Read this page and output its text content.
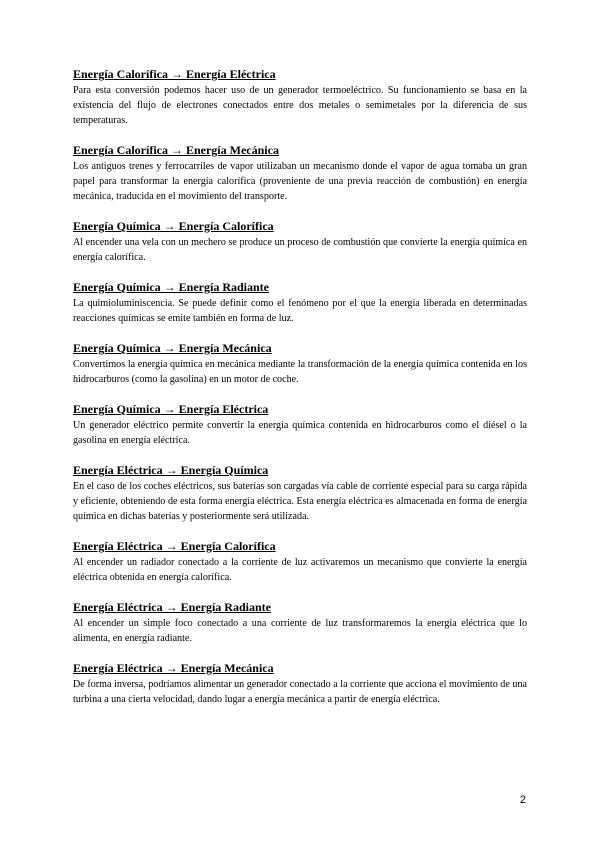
Energía Calorífica → Energía Eléctrica

Para esta conversión podemos hacer uso de un generador termoeléctrico. Su funcionamiento se basa en la existencia del flujo de electrones conectados entre dos metales o semimetales por la diferencia de sus temperaturas.

Energía Calorífica → Energía Mecánica

Los antiguos trenes y ferrocarriles de vapor utilizaban un mecanismo donde el vapor de agua tomaba un gran papel para transformar la energía calorífica (proveniente de una previa reacción de combustión) en energía mecánica, traducida en el movimiento del transporte.

Energía Química → Energía Calorífica

Al encender una vela con un mechero se produce un proceso de combustión que convierte la energía química en energía calorífica.

Energía Química → Energía Radiante

La quimioluminiscencia. Se puede definir como el fenómeno por el que la energía liberada en determinadas reacciones químicas se emite también en forma de luz.

Energía Química → Energía Mecánica

Convertimos la energía química en mecánica mediante la transformación de la energía química contenida en los hidrocarburos (como la gasolina) en un motor de coche.

Energía Química → Energía Eléctrica

Un generador eléctrico permite convertir la energía química contenida en hidrocarburos como el diésel o la gasolina en energía eléctrica.

Energía Eléctrica → Energía Química

En el caso de los coches eléctricos, sus baterías son cargadas vía cable de corriente especial para su carga rápida y eficiente, obteniendo de esta forma energía eléctrica. Esta energía eléctrica es almacenada en forma de energía química en dichas baterías y posteriormente será utilizada.

Energía Eléctrica → Energía Calorífica

Al encender un radiador conectado a la corriente de luz activaremos un mecanismo que convierte la energía eléctrica obtenida en energía calorífica.

Energía Eléctrica → Energía Radiante

Al encender un simple foco conectado a una corriente de luz transformaremos la energía eléctrica que lo alimenta, en energía radiante.

Energía Eléctrica → Energía Mecánica

De forma inversa, podríamos alimentar un generador conectado a la corriente que acciona el movimiento de una turbina a una cierta velocidad, dando lugar a energía mecánica a partir de energía eléctrica.

2
